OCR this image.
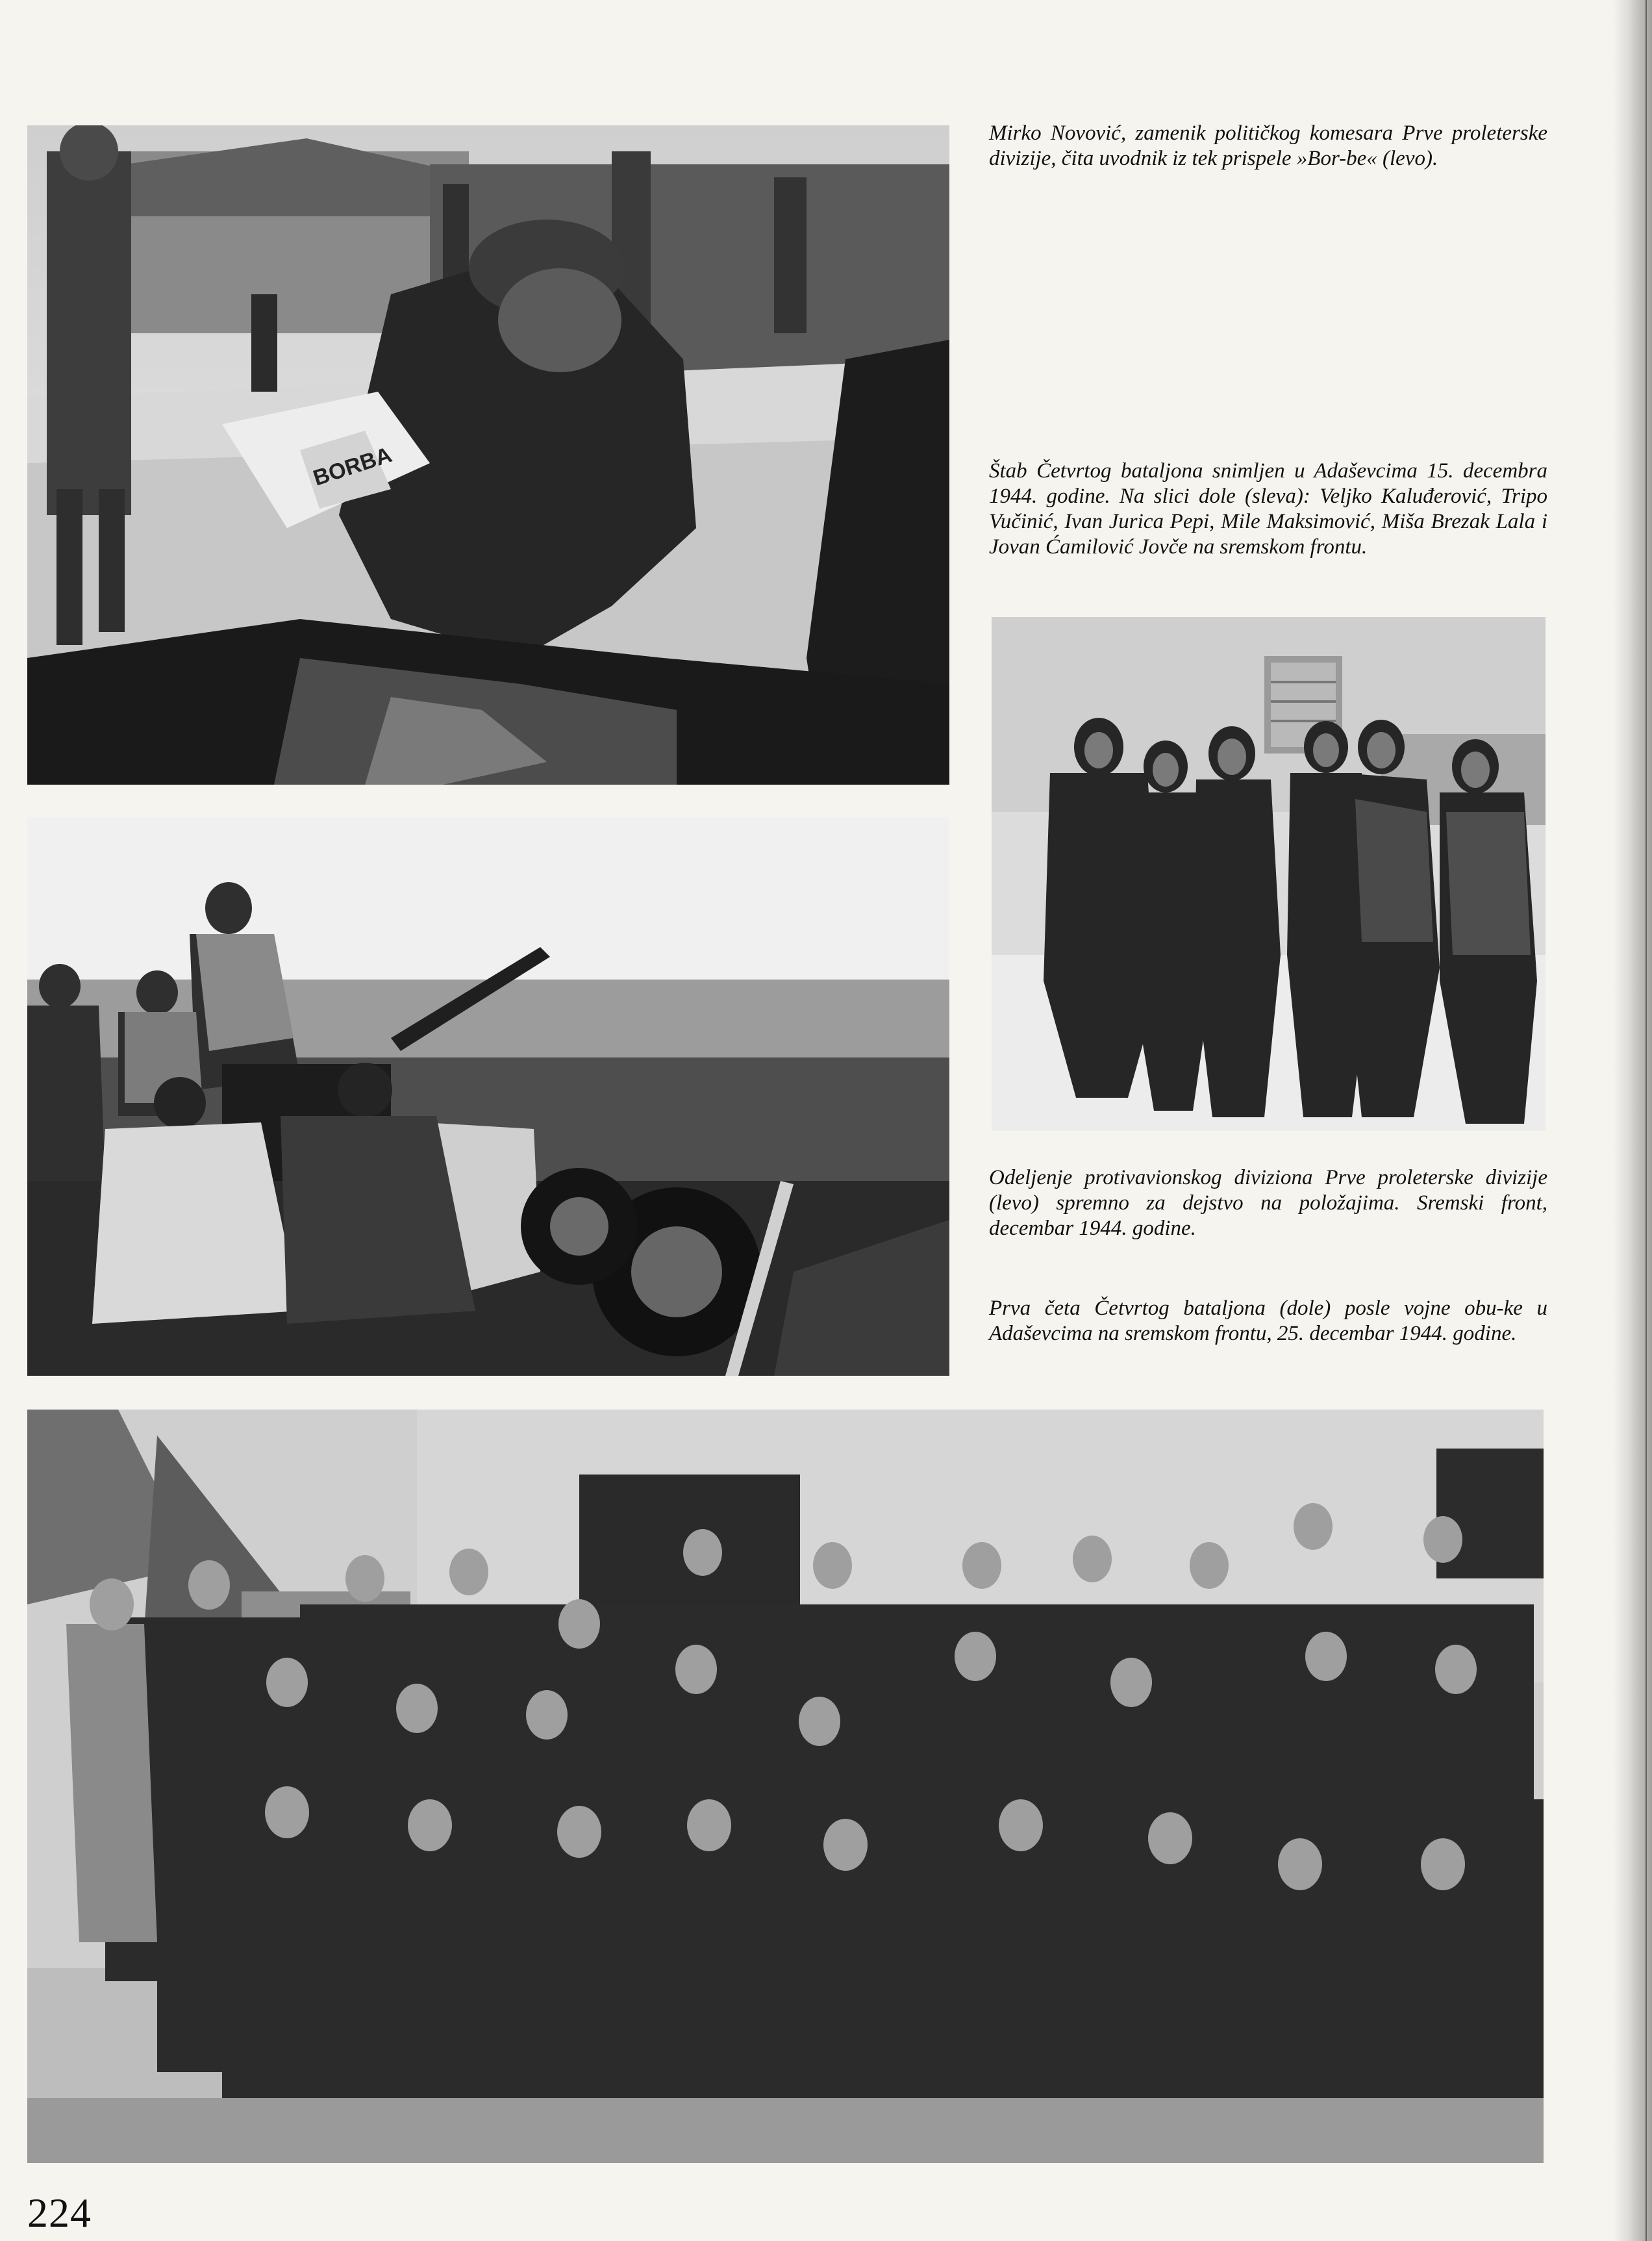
BORBA

Mirko Novović, zamenik političkog komesara Prve proleterske divizije, čita uvodnik iz tek prispele »Bor-be« (levo).

Štab Četvrtog bataljona snimljen u Adaševcima 15. decembra 1944. godine. Na slici dole (sleva): Veljko Kaluđerović, Tripo Vučinić, Ivan Jurica Pepi, Mile Maksimović, Miša Brezak Lala i Jovan Ćamilović Jovče na sremskom frontu.

Odeljenje protivavionskog diviziona Prve proleterske divizije (levo) spremno za dejstvo na položajima. Sremski front, decembar 1944. godine.

Prva četa Četvrtog bataljona (dole) posle vojne obu-ke u Adaševcima na sremskom frontu, 25. decembar 1944. godine.

224
